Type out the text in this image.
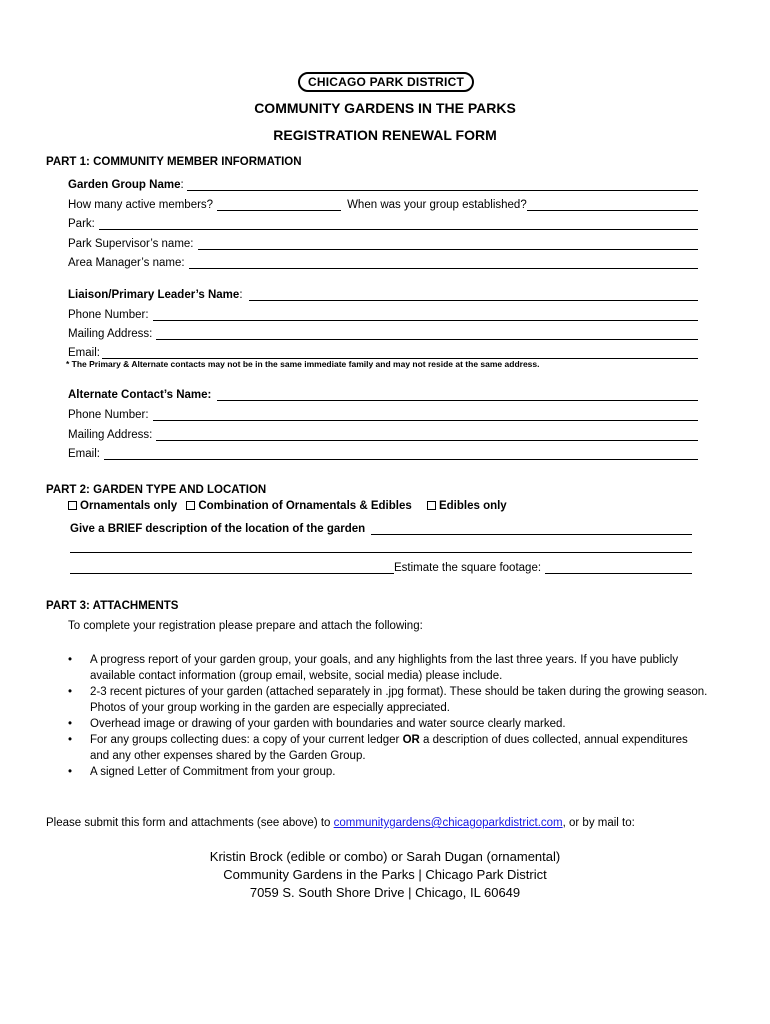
CHICAGO PARK DISTRICT
COMMUNITY GARDENS IN THE PARKS
REGISTRATION RENEWAL FORM
PART 1: COMMUNITY MEMBER INFORMATION
Garden Group Name :
How many active members?	When was your group established?
Park:
Park Supervisor’s name:
Area Manager’s name:
Liaison/Primary Leader’s Name :
Phone Number:
Mailing Address:
Email:
* The Primary & Alternate contacts may not be in the same immediate family and may not reside at the same address.
Alternate Contact’s Name:
Phone Number:
Mailing Address:
Email:
PART 2: GARDEN TYPE AND LOCATION
Ornamentals only Combination of Ornamentals & Edibles Edibles only
Give a BRIEF description of the location of the garden
Estimate the square footage:
PART 3: ATTACHMENTS
To complete your registration please prepare and attach the following:
• A progress report of your garden group, your goals, and any highlights from the last three years. If you have publicly available contact information (group email, website, social media) please include.
• 2-3 recent pictures of your garden (attached separately in .jpg format). These should be taken during the growing season. Photos of your group working in the garden are especially appreciated.
• Overhead image or drawing of your garden with boundaries and water source clearly marked.
• For any groups collecting dues: a copy of your current ledger OR a description of dues collected, annual expenditures and any other expenses shared by the Garden Group.
• A signed Letter of Commitment from your group.
Please submit this form and attachments (see above) to communitygardens@chicagoparkdistrict.com, or by mail to:
Kristin Brock (edible or combo) or Sarah Dugan (ornamental)
Community Gardens in the Parks | Chicago Park District
7059 S. South Shore Drive | Chicago, IL 60649
